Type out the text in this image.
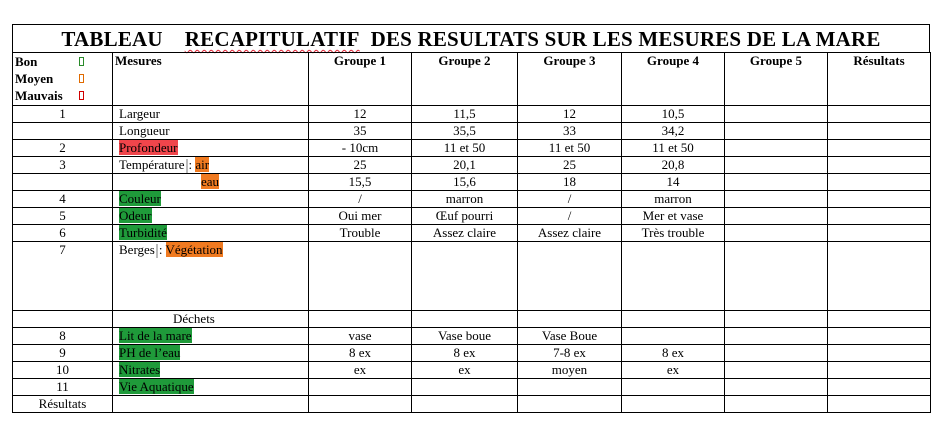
TABLEAU RECAPITULATIF DES RESULTATS SUR LES MESURES DE LA MARE
Bon
Moyen
Mauvais	Mesures	Groupe 1	Groupe 2	Groupe 3	Groupe 4	Groupe 5	Résultats
1	Largeur	12	11,5	12	10,5		
	Longueur	35	35,5	33	34,2		
2	Profondeur	- 10cm	11 et 50	11 et 50	11 et 50		
3	Température : air	25	20,1	25	20,8		
	eau	15,5	15,6	18	14		
4	Couleur	/	marron	/	marron		
5	Odeur	Oui mer	Œuf pourri	/	Mer et vase		
6	Turbidité	Trouble	Assez claire	Assez claire	Très trouble		
7	Berges : Végétation						
	Déchets						
8	Lit de la mare	vase	Vase boue	Vase Boue			
9	PH de l’eau	8 ex	8 ex	7-8 ex	8 ex		
10	Nitrates	ex	ex	moyen	ex		
11	Vie Aquatique						
Résultats							
